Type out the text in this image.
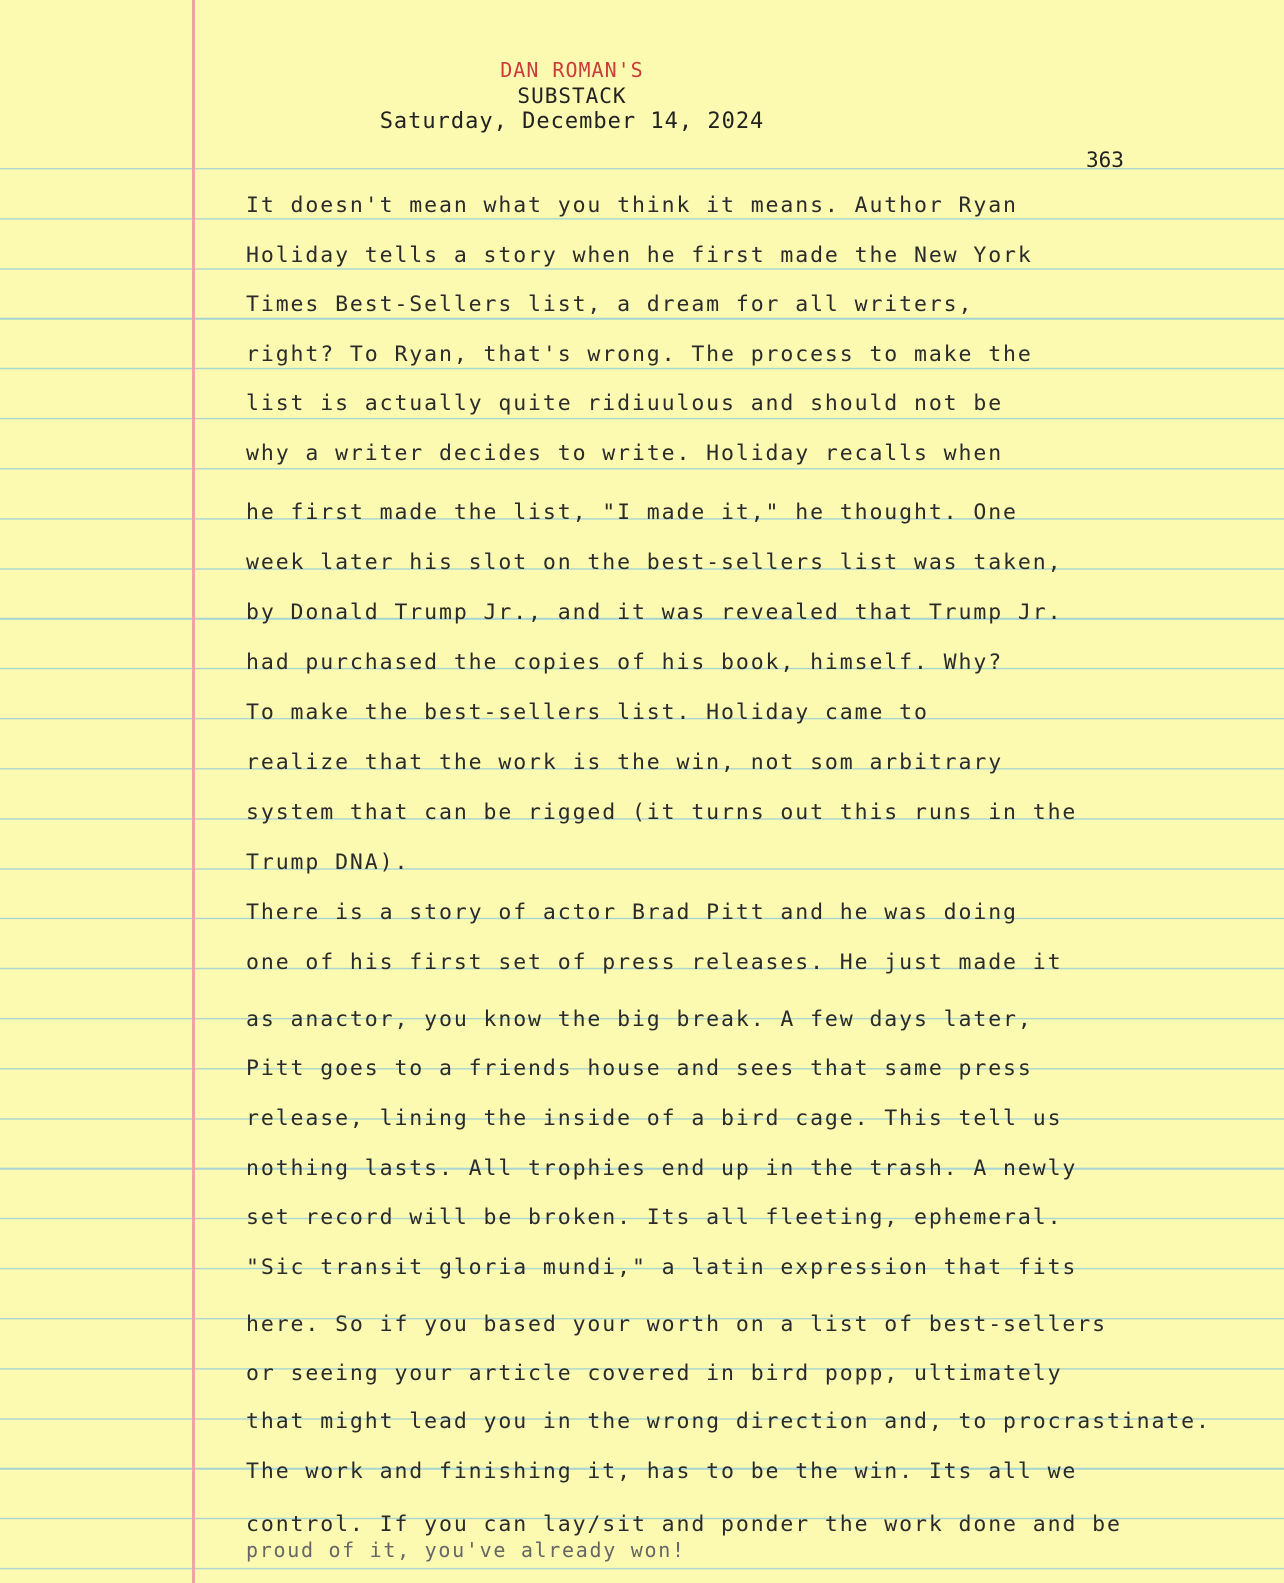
DAN ROMAN'S
SUBSTACK
Saturday, December 14, 2024
363
It doesn't mean what you think it means. Author Ryan
Holiday tells a story when he first made the New York
Times Best-Sellers list, a dream for all writers,
right? To Ryan, that's wrong. The process to make the
list is actually quite ridiuulous and should not be
why a writer decides to write. Holiday recalls when
he first made the list, "I made it," he thought. One
week later his slot on the best-sellers list was taken,
by Donald Trump Jr., and it was revealed that Trump Jr.
had purchased the copies of his book, himself. Why?
To make the best-sellers list. Holiday came to
realize that the work is the win, not som arbitrary
system that can be rigged (it turns out this runs in the
Trump DNA).
There is a story of actor Brad Pitt and he was doing
one of his first set of press releases. He just made it
as anactor, you know the big break. A few days later,
Pitt goes to a friends house and sees that same press
release, lining the inside of a bird cage. This tell us
nothing lasts. All trophies end up in the trash. A newly
set record will be broken. Its all fleeting, ephemeral.
"Sic transit gloria mundi," a latin expression that fits
here. So if you based your worth on a list of best-sellers
or seeing your article covered in bird popp, ultimately
that might lead you in the wrong direction and, to procrastinate.
The work and finishing it, has to be the win. Its all we
control. If you can lay/sit and ponder the work done and be
proud of it, you've already won!
